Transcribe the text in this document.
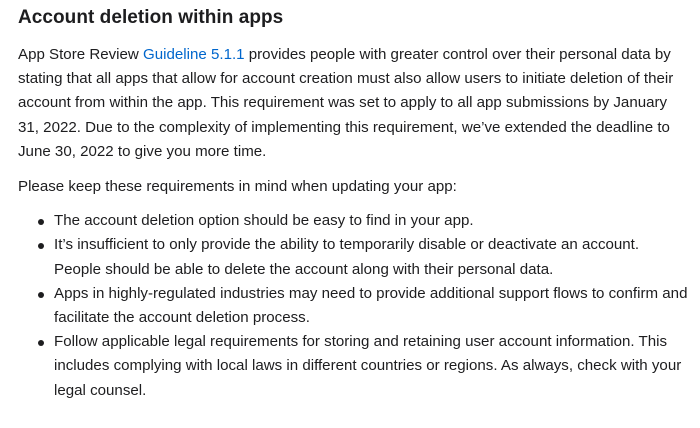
Account deletion within apps

App Store Review Guideline 5.1.1 provides people with greater control over their personal data by stating that all apps that allow for account creation must also allow users to initiate deletion of their account from within the app. This requirement was set to apply to all app submissions by January 31, 2022. Due to the complexity of implementing this requirement, we’ve extended the deadline to June 30, 2022 to give you more time.

Please keep these requirements in mind when updating your app:

The account deletion option should be easy to find in your app.
It’s insufficient to only provide the ability to temporarily disable or deactivate an account. People should be able to delete the account along with their personal data.
Apps in highly-regulated industries may need to provide additional support flows to confirm and facilitate the account deletion process.
Follow applicable legal requirements for storing and retaining user account information. This includes complying with local laws in different countries or regions. As always, check with your legal counsel.
